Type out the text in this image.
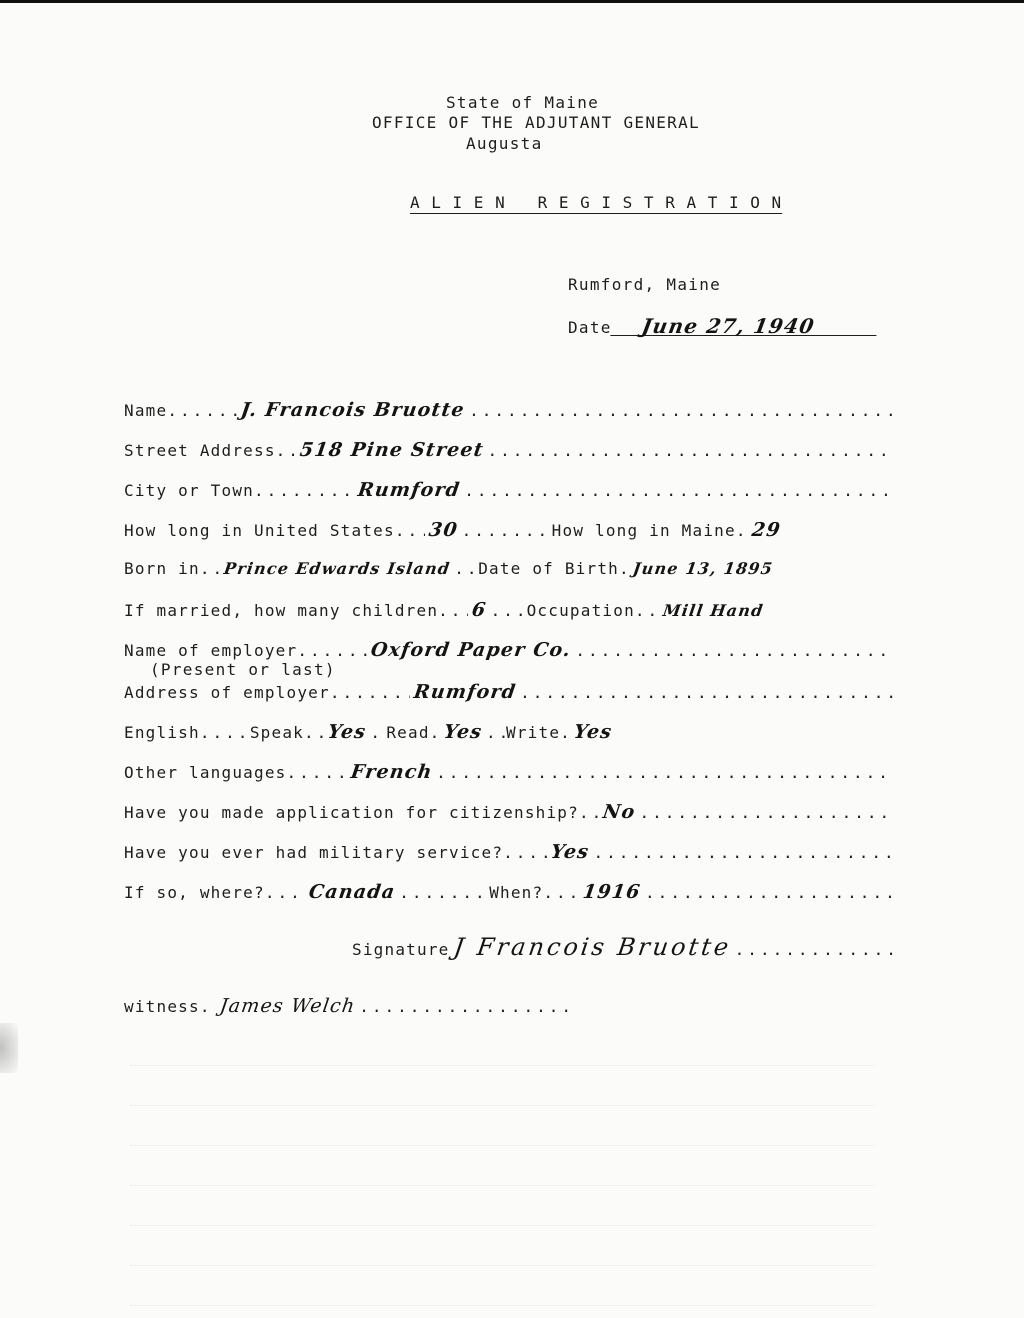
State of Maine
OFFICE OF THE ADJUTANT GENERAL
Augusta
A L I E N   R E G I S T R A T I O N
Rumford, Maine
Date	June 27, 1940
Name .....	J. Francois Bruotte
.....
Street Address ..... 518 Pine Street
.....
City or Town .....	Rumford
.....
How long in United States ..... 30 .....	How long in Maine ..... 29
Born in ..... Prince Edwards Island ..... Date of Birth ..... June 13, 1895
If married, how many children ..... 6 ..... Occupation ..... Mill Hand
Name of employer .....	Oxford Paper Co.
.....
(Present or last)
Address of employer .....	Rumford
.....
English .....	Speak ..... Yes ..... Read ..... Yes ..... Write ..... Yes
Other languages .....	French
.....
Have you made application for citizenship? ..... No
.....
Have you ever had military service? ..... Yes
.....
If so, where? ..... Canada .....	When? ..... 1916
.....
Signature J Francois Bruotte
.....
witness ..... James Welch
.....
